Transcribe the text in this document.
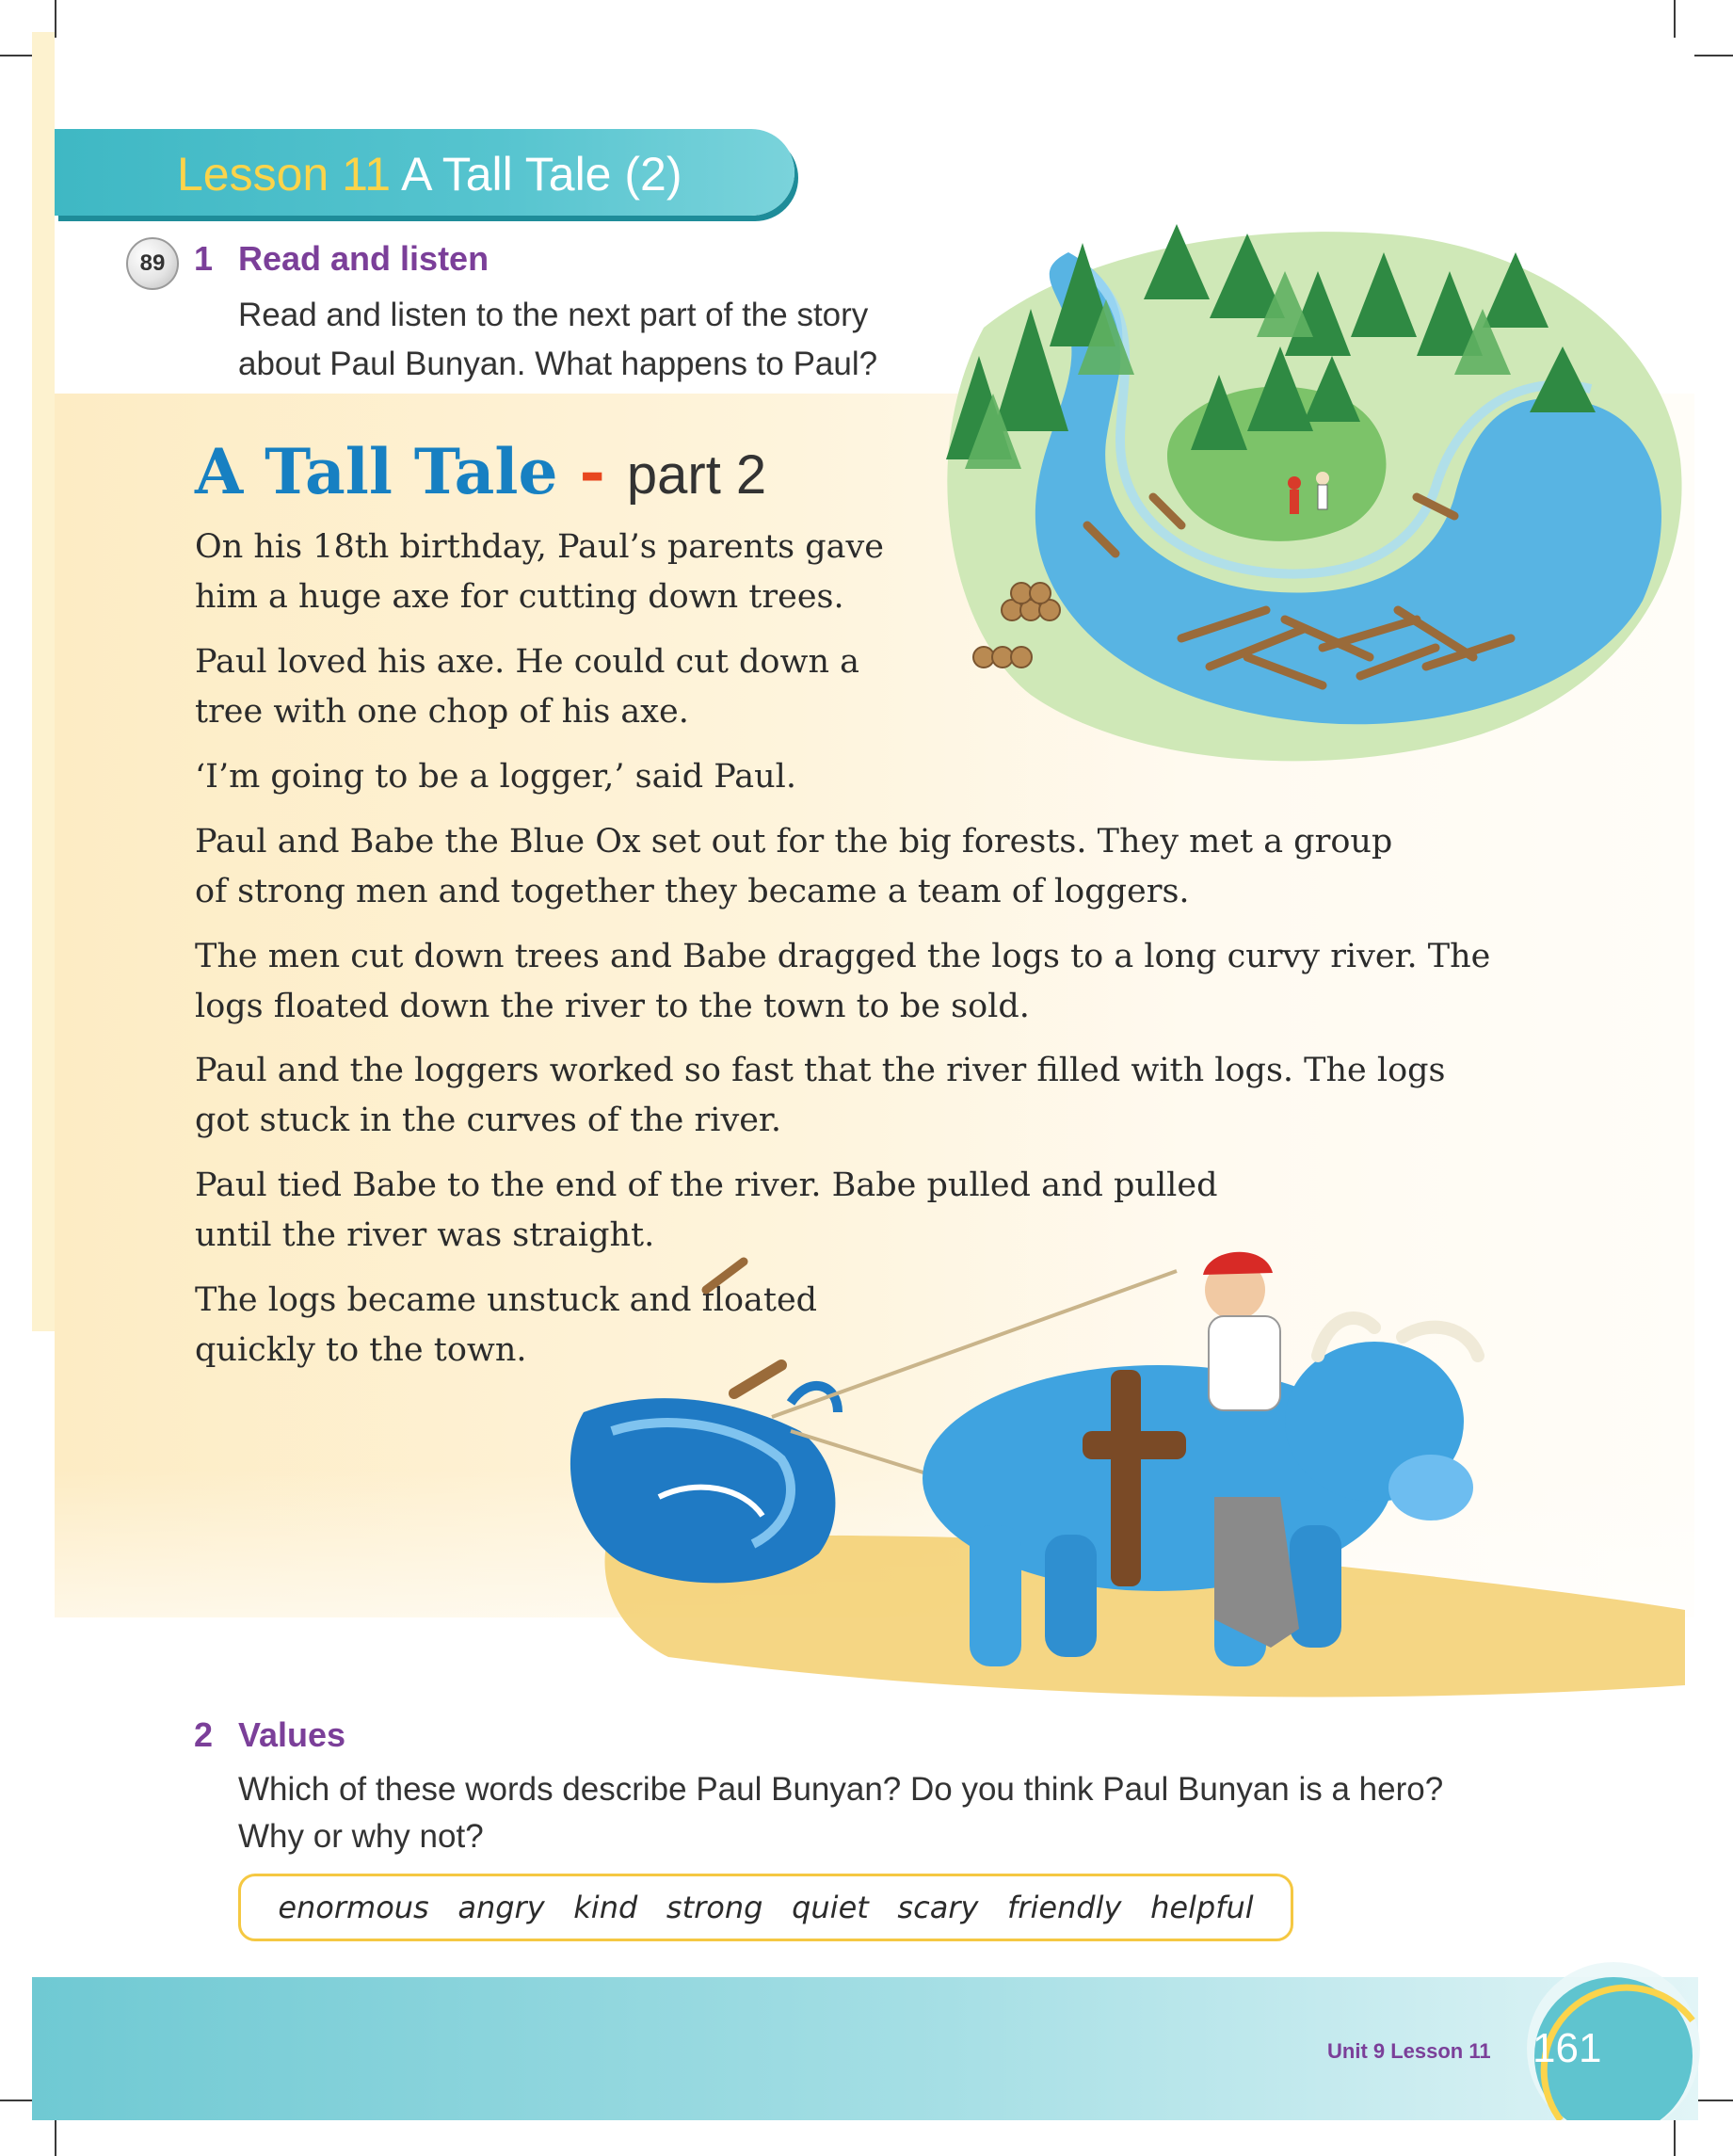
Lesson 11 A Tall Tale (2)
89 1 Read and listen
Read and listen to the next part of the story
about Paul Bunyan. What happens to Paul?
A Tall Tale - part 2
On his 18th birthday, Paul’s parents gave
him a huge axe for cutting down trees.
Paul loved his axe. He could cut down a
tree with one chop of his axe.
‘I’m going to be a logger,’ said Paul.
Paul and Babe the Blue Ox set out for the big forests. They met a group
of strong men and together they became a team of loggers.
The men cut down trees and Babe dragged the logs to a long curvy river. The
logs floated down the river to the town to be sold.
Paul and the loggers worked so fast that the river filled with logs. The logs
got stuck in the curves of the river.
Paul tied Babe to the end of the river. Babe pulled and pulled
until the river was straight.
The logs became unstuck and floated
quickly to the town.
2 Values
Which of these words describe Paul Bunyan? Do you think Paul Bunyan is a hero?
Why or why not?
enormous angry kind strong quiet scary friendly helpful
Unit 9 Lesson 11 161
